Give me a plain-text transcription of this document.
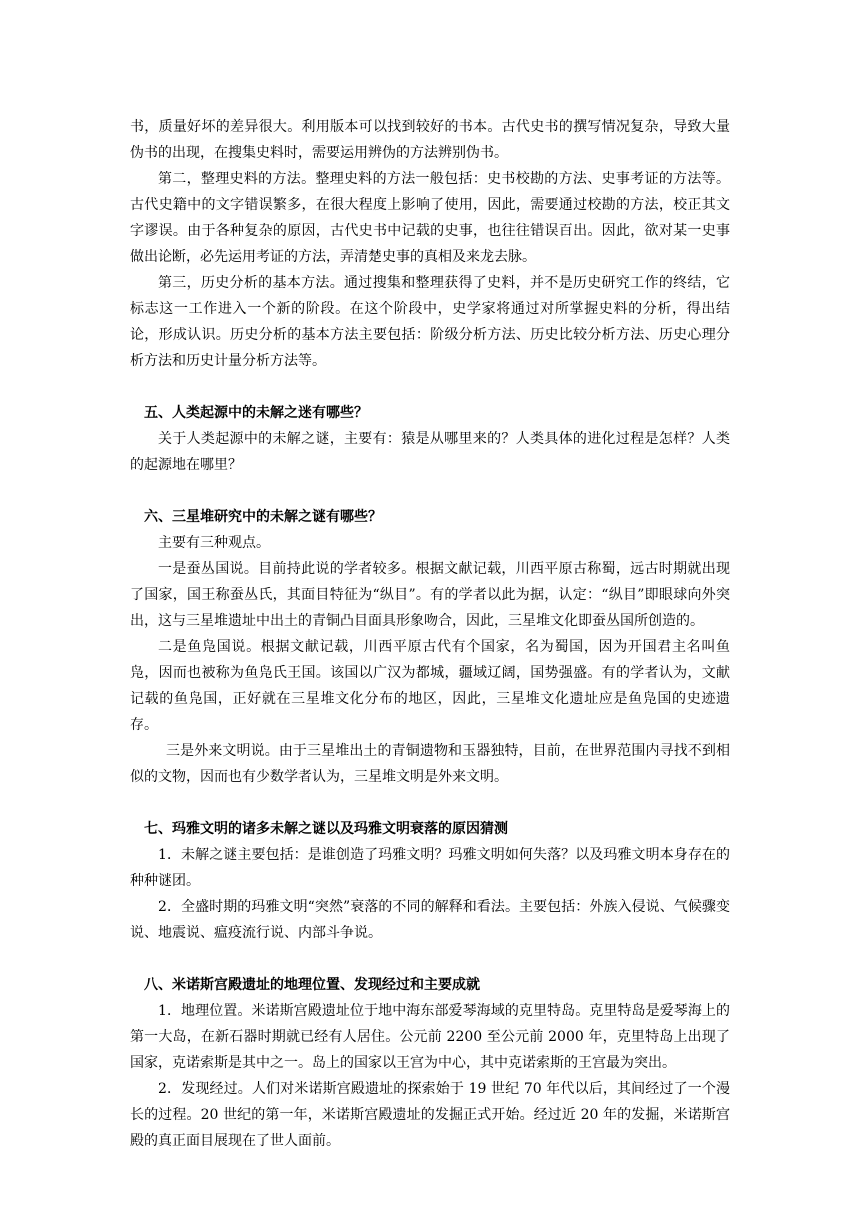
书，质量好坏的差异很大。利用版本可以找到较好的书本。古代史书的撰写情况复杂，导致大量伪书的出现，在搜集史料时，需要运用辨伪的方法辨别伪书。

第二，整理史料的方法。整理史料的方法一般包括：史书校勘的方法、史事考证的方法等。古代史籍中的文字错误繁多，在很大程度上影响了使用，因此，需要通过校勘的方法，校正其文字谬误。由于各种复杂的原因，古代史书中记载的史事，也往往错误百出。因此，欲对某一史事做出论断，必先运用考证的方法，弄清楚史事的真相及来龙去脉。

第三，历史分析的基本方法。通过搜集和整理获得了史料，并不是历史研究工作的终结，它标志这一工作进入一个新的阶段。在这个阶段中，史学家将通过对所掌握史料的分析，得出结论，形成认识。历史分析的基本方法主要包括：阶级分析方法、历史比较分析方法、历史心理分析方法和历史计量分析方法等。

五、人类起源中的未解之迷有哪些？

关于人类起源中的未解之谜，主要有：猿是从哪里来的？人类具体的进化过程是怎样？人类的起源地在哪里？

六、三星堆研究中的未解之谜有哪些？

主要有三种观点。

一是蚕丛国说。目前持此说的学者较多。根据文献记载，川西平原古称蜀，远古时期就出现了国家，国王称蚕丛氏，其面目特征为“纵目”。有的学者以此为据，认定：“纵目”即眼球向外突出，这与三星堆遗址中出土的青铜凸目面具形象吻合，因此，三星堆文化即蚕丛国所创造的。

二是鱼凫国说。根据文献记载，川西平原古代有个国家，名为蜀国，因为开国君主名叫鱼凫，因而也被称为鱼凫氏王国。该国以广汉为都城，疆域辽阔，国势强盛。有的学者认为，文献记载的鱼凫国，正好就在三星堆文化分布的地区，因此，三星堆文化遗址应是鱼凫国的史迹遗存。

三是外来文明说。由于三星堆出土的青铜遗物和玉器独特，目前，在世界范围内寻找不到相似的文物，因而也有少数学者认为，三星堆文明是外来文明。

七、玛雅文明的诸多未解之谜以及玛雅文明衰落的原因猜测

1．未解之谜主要包括：是谁创造了玛雅文明？玛雅文明如何失落？以及玛雅文明本身存在的种种谜团。

2．全盛时期的玛雅文明“突然”衰落的不同的解释和看法。主要包括：外族入侵说、气候骤变说、地震说、瘟疫流行说、内部斗争说。

八、米诺斯宫殿遗址的地理位置、发现经过和主要成就

1．地理位置。米诺斯宫殿遗址位于地中海东部爱琴海域的克里特岛。克里特岛是爱琴海上的第一大岛，在新石器时期就已经有人居住。公元前 2200 至公元前 2000 年，克里特岛上出现了国家，克诺索斯是其中之一。岛上的国家以王宫为中心，其中克诺索斯的王宫最为突出。

2．发现经过。人们对米诺斯宫殿遗址的探索始于 19 世纪 70 年代以后，其间经过了一个漫长的过程。20 世纪的第一年，米诺斯宫殿遗址的发掘正式开始。经过近 20 年的发掘，米诺斯宫殿的真正面目展现在了世人面前。
